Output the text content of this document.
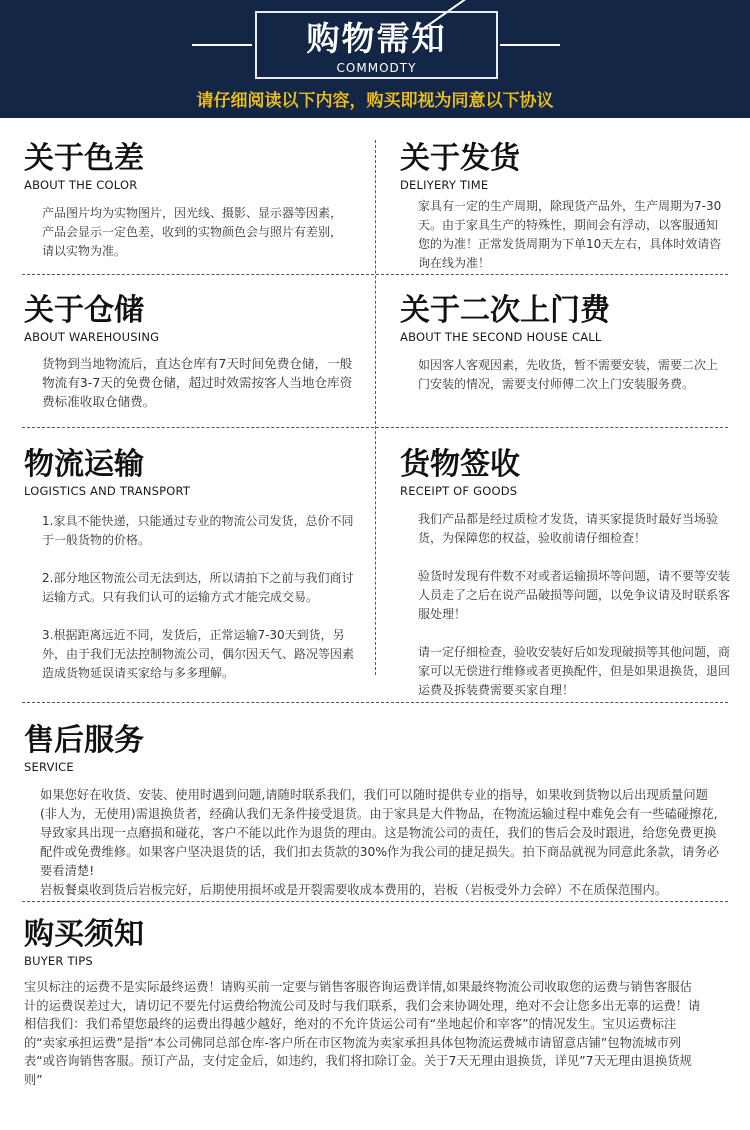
购物需知
COMMODTY
请仔细阅读以下内容，购买即视为同意以下协议
关于色差
ABOUT THE COLOR

产品图片均为实物图片，因光线、摄影、显示器等因素，产品会显示一定色差，收到的实物颜色会与照片有差别，请以实物为准。

关于发货
DELIYERY TIME

家具有一定的生产周期，除现货产品外，生产周期为7-30天。由于家具生产的特殊性，期间会有浮动，以客服通知您的为准！正常发货周期为下单10天左右，具体时效请咨询在线为准！

关于仓储
ABOUT WAREHOUSING

货物到当地物流后，直达仓库有7天时间免费仓储，一般物流有3-7天的免费仓储，超过时效需按客人当地仓库资费标准收取仓储费。

关于二次上门费
ABOUT THE SECOND HOUSE CALL

如因客人客观因素，先收货，暂不需要安装，需要二次上门安装的情况，需要支付师傅二次上门安装服务费。

物流运输
LOGISTICS AND TRANSPORT

1.家具不能快递，只能通过专业的物流公司发货，总价不同于一般货物的价格。

2.部分地区物流公司无法到达，所以请拍下之前与我们商讨运输方式。只有我们认可的运输方式才能完成交易。

3.根据距离远近不同，发货后，正常运输7-30天到货，另外，由于我们无法控制物流公司，偶尔因天气、路况等因素造成货物延误请买家给与多多理解。

货物签收
RECEIPT OF GOODS

我们产品都是经过质检才发货，请买家提货时最好当场验货，为保障您的权益，验收前请仔细检查！

验货时发现有件数不对或者运输损坏等问题，请不要等安装人员走了之后在说产品破损等问题，以免争议请及时联系客服处理！

请一定仔细检查，验收安装好后如发现破损等其他问题，商家可以无偿进行维修或者更换配件，但是如果退换货，退回运费及拆装费需要买家自理！

售后服务
SERVICE

如果您好在收货、安装、使用时遇到问题,请随时联系我们，我们可以随时提供专业的指导，如果收到货物以后出现质量问题(非人为，无使用)需退换货者，经确认我们无条件接受退货。由于家具是大件物品，在物流运输过程中难免会有一些磕碰擦花,导致家具出现一点磨损和碰花，客户不能以此作为退货的理由。这是物流公司的责任，我们的售后会及时跟进，给您免费更换配件或免费维修。如果客户坚决退货的话，我们扣去货款的30%作为我公司的捷足损失。拍下商品就视为同意此条款，请务必要看清楚!

岩板餐桌收到货后岩板完好，后期使用损坏或是开裂需要收成本费用的，岩板（岩板受外力会碎）不在质保范围内。

购买须知
BUYER TIPS

宝贝标注的运费不是实际最终运费！请购买前一定要与销售客服咨询运费详情,如果最终物流公司收取您的运费与销售客服估计的运费误差过大，请切记不要先付运费给物流公司及时与我们联系，我们会来协调处理，绝对不会让您多出无辜的运费！请相信我们：我们希望您最终的运费出得越少越好，绝对的不允许货运公司有“坐地起价和宰客”的情况发生。宝贝运费标注的“卖家承担运费”是指“本公司佛同总部仓库-客户所在市区物流为卖家承担具体包物流运费城市请留意店铺”包物流城市列表“或咨询销售客服。预订产品，支付定金后，如违约，我们将扣除订金。关于7天无理由退换货，详见”7天无理由退换货规则”
